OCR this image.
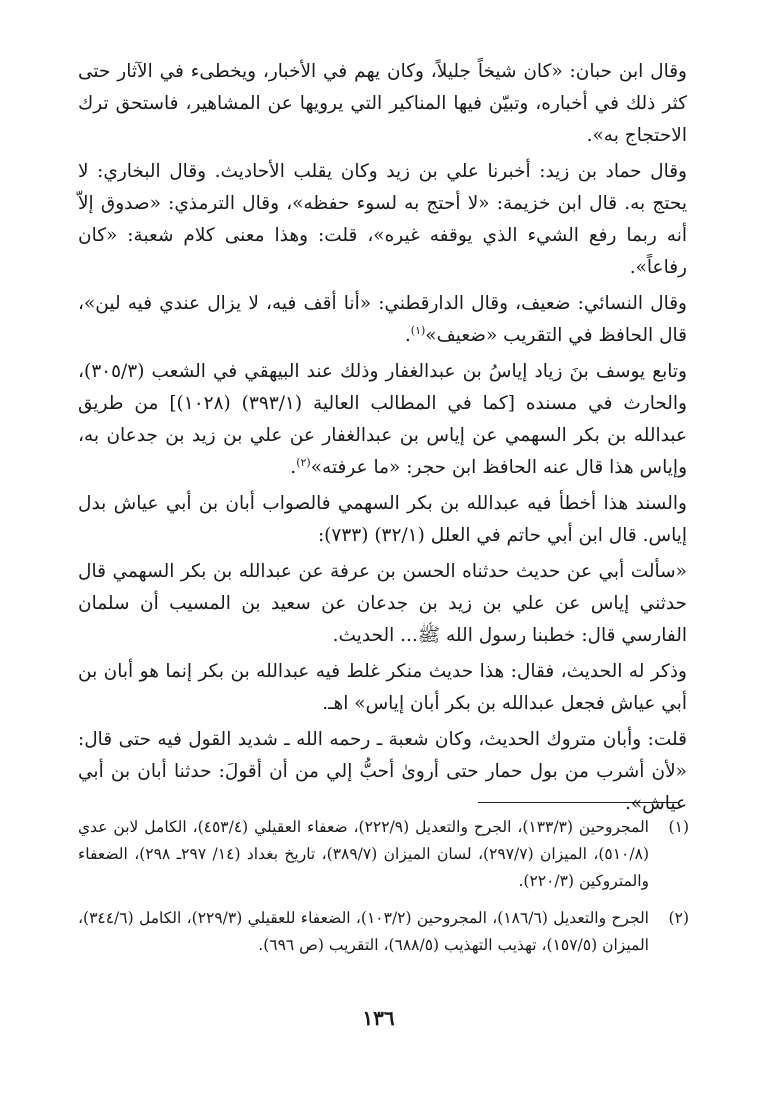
وقال ابن حبان: «كان شيخاً جليلاً، وكان يهم في الأخبار، ويخطىء في الآثار حتى كثر ذلك في أخباره، وتبيّن فيها المناكير التي يرويها عن المشاهير، فاستحق ترك الاحتجاج به».

وقال حماد بن زيد: أخبرنا علي بن زيد وكان يقلب الأحاديث. وقال البخاري: لا يحتج به. قال ابن خزيمة: «لا أحتج به لسوء حفظه»، وقال الترمذي: «صدوق إلاّ أنه ربما رفع الشيء الذي يوقفه غيره»، قلت: وهذا معنى كلام شعبة: «كان رفاعاً».

وقال النسائي: ضعيف، وقال الدارقطني: «أنا أقف فيه، لا يزال عندي فيه لين»، قال الحافظ في التقريب «ضعيف»$^{(١)}$.

وتابع يوسف بنَ زياد إياسُ بن عبدالغفار وذلك عند البيهقي في الشعب (٣٠٥/٣)، والحارث في مسنده [كما في المطالب العالية (٣٩٣/١) (١٠٢٨)] من طريق عبدالله بن بكر السهمي عن إياس بن عبدالغفار عن علي بن زيد بن جدعان به، وإياس هذا قال عنه الحافظ ابن حجر: «ما عرفته»$^{(٢)}$.

والسند هذا أخطأ فيه عبدالله بن بكر السهمي فالصواب أبان بن أبي عياش بدل إياس. قال ابن أبي حاتم في العلل (٣٢/١) (٧٣٣):

«سألت أبي عن حديث حدثناه الحسن بن عرفة عن عبدالله بن بكر السهمي قال حدثني إياس عن علي بن زيد بن جدعان عن سعيد بن المسيب أن سلمان الفارسي قال: خطبنا رسول الله ﷺ... الحديث.

وذكر له الحديث، فقال: هذا حديث منكر غلط فيه عبدالله بن بكر إنما هو أبان بن أبي عياش فجعل عبدالله بن بكر أبان إياس» اهـ.

قلت: وأبان متروك الحديث، وكان شعبة ـ رحمه الله ـ شديد القول فيه حتى قال: «لأن أشرب من بول حمار حتى أروىٰ أحبُّ إلي من أن أقولَ: حدثنا أبان بن أبي عياش».

(١)
المجروحين (١٣٣/٣)، الجرح والتعديل (٢٢٢/٩)، ضعفاء العقيلي (٤٥٣/٤)، الكامل لابن عدي (٥١٠/٨)، الميزان (٢٩٧/٧)، لسان الميزان (٣٨٩/٧)، تاريخ بغداد (١٤/ ٢٩٧ـ ٢٩٨)، الضعفاء والمتروكين (٢٢٠/٣).
(٢)
الجرح والتعديل (١٨٦/٦)، المجروحين (١٠٣/٢)، الضعفاء للعقيلي (٢٢٩/٣)، الكامل (٣٤٤/٦)، الميزان (١٥٧/٥)، تهذيب التهذيب (٦٨٨/٥)، التقريب (ص ٦٩٦).
١٣٦
